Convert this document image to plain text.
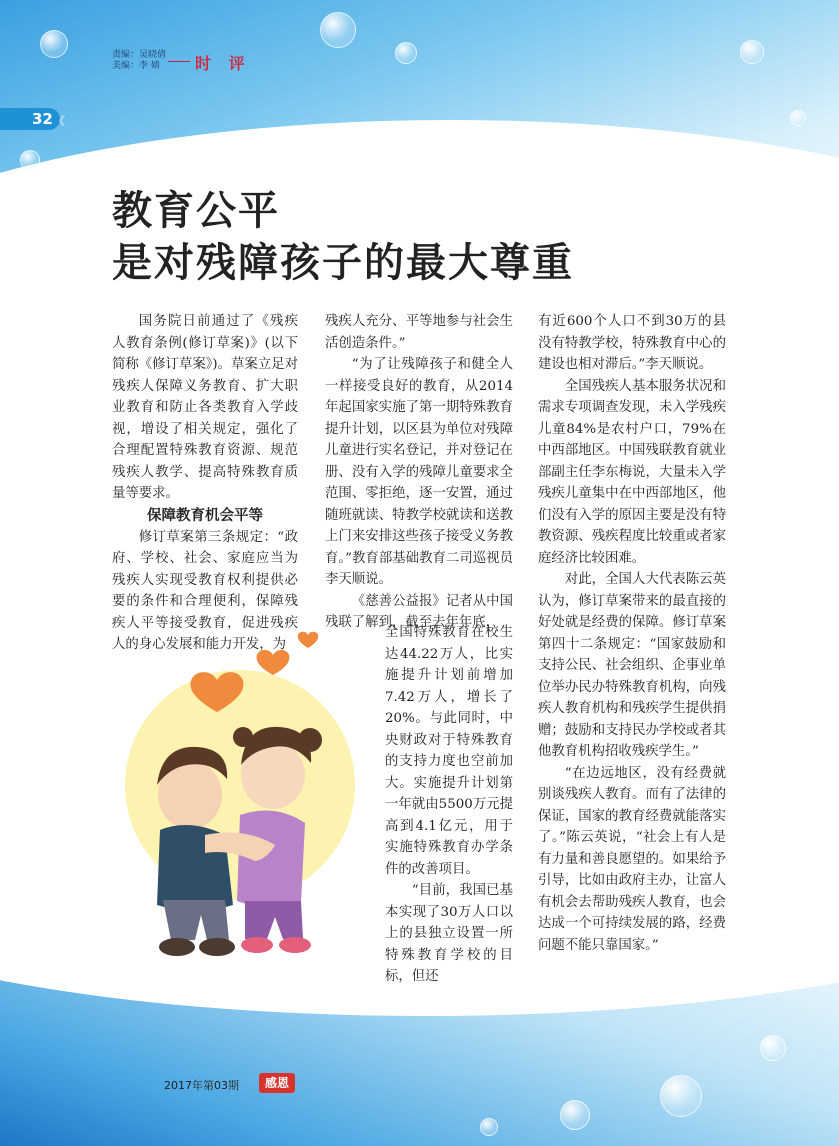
责编：吴晓倩
美编：李 婧	时 评
32 《
教育公平
是对残障孩子的最大尊重

国务院日前通过了《残疾人教育条例(修订草案)》(以下简称《修订草案》)。草案立足对残疾人保障义务教育、扩大职业教育和防止各类教育入学歧视，增设了相关规定，强化了合理配置特殊教育资源、规范残疾人教学、提高特殊教育质量等要求。

保障教育机会平等

修订草案第三条规定：“政府、学校、社会、家庭应当为残疾人实现受教育权利提供必要的条件和合理便利，保障残疾人平等接受教育，促进残疾人的身心发展和能力开发，为

残疾人充分、平等地参与社会生活创造条件。”

“为了让残障孩子和健全人一样接受良好的教育，从2014年起国家实施了第一期特殊教育提升计划，以区县为单位对残障儿童进行实名登记，并对登记在册、没有入学的残障儿童要求全范围、零拒绝，逐一安置，通过随班就读、特教学校就读和送教上门来安排这些孩子接受义务教育。”教育部基础教育二司巡视员李天顺说。

《慈善公益报》记者从中国残联了解到，截至去年年底，

全国特殊教育在校生达44.22万人，比实施提升计划前增加7.42万人，增长了20%。与此同时，中央财政对于特殊教育的支持力度也空前加大。实施提升计划第一年就由5500万元提高到4.1亿元，用于实施特殊教育办学条件的改善项目。

“目前，我国已基本实现了30万人口以上的县独立设置一所特殊教育学校的目标，但还

有近600个人口不到30万的县没有特教学校，特殊教育中心的建设也相对滞后。”李天顺说。

全国残疾人基本服务状况和需求专项调查发现，未入学残疾儿童84%是农村户口，79%在中西部地区。中国残联教育就业部副主任李东梅说，大量未入学残疾儿童集中在中西部地区，他们没有入学的原因主要是没有特教资源、残疾程度比较重或者家庭经济比较困难。

对此，全国人大代表陈云英认为，修订草案带来的最直接的好处就是经费的保障。修订草案第四十二条规定：“国家鼓励和支持公民、社会组织、企事业单位举办民办特殊教育机构，向残疾人教育机构和残疾学生提供捐赠；鼓励和支持民办学校或者其他教育机构招收残疾学生。”

“在边远地区，没有经费就别谈残疾人教育。而有了法律的保证，国家的教育经费就能落实了。”陈云英说，“社会上有人是有力量和善良愿望的。如果给予引导，比如由政府主办，让富人有机会去帮助残疾人教育，也会达成一个可持续发展的路，经费问题不能只靠国家。”

2017年第03期	感恩
